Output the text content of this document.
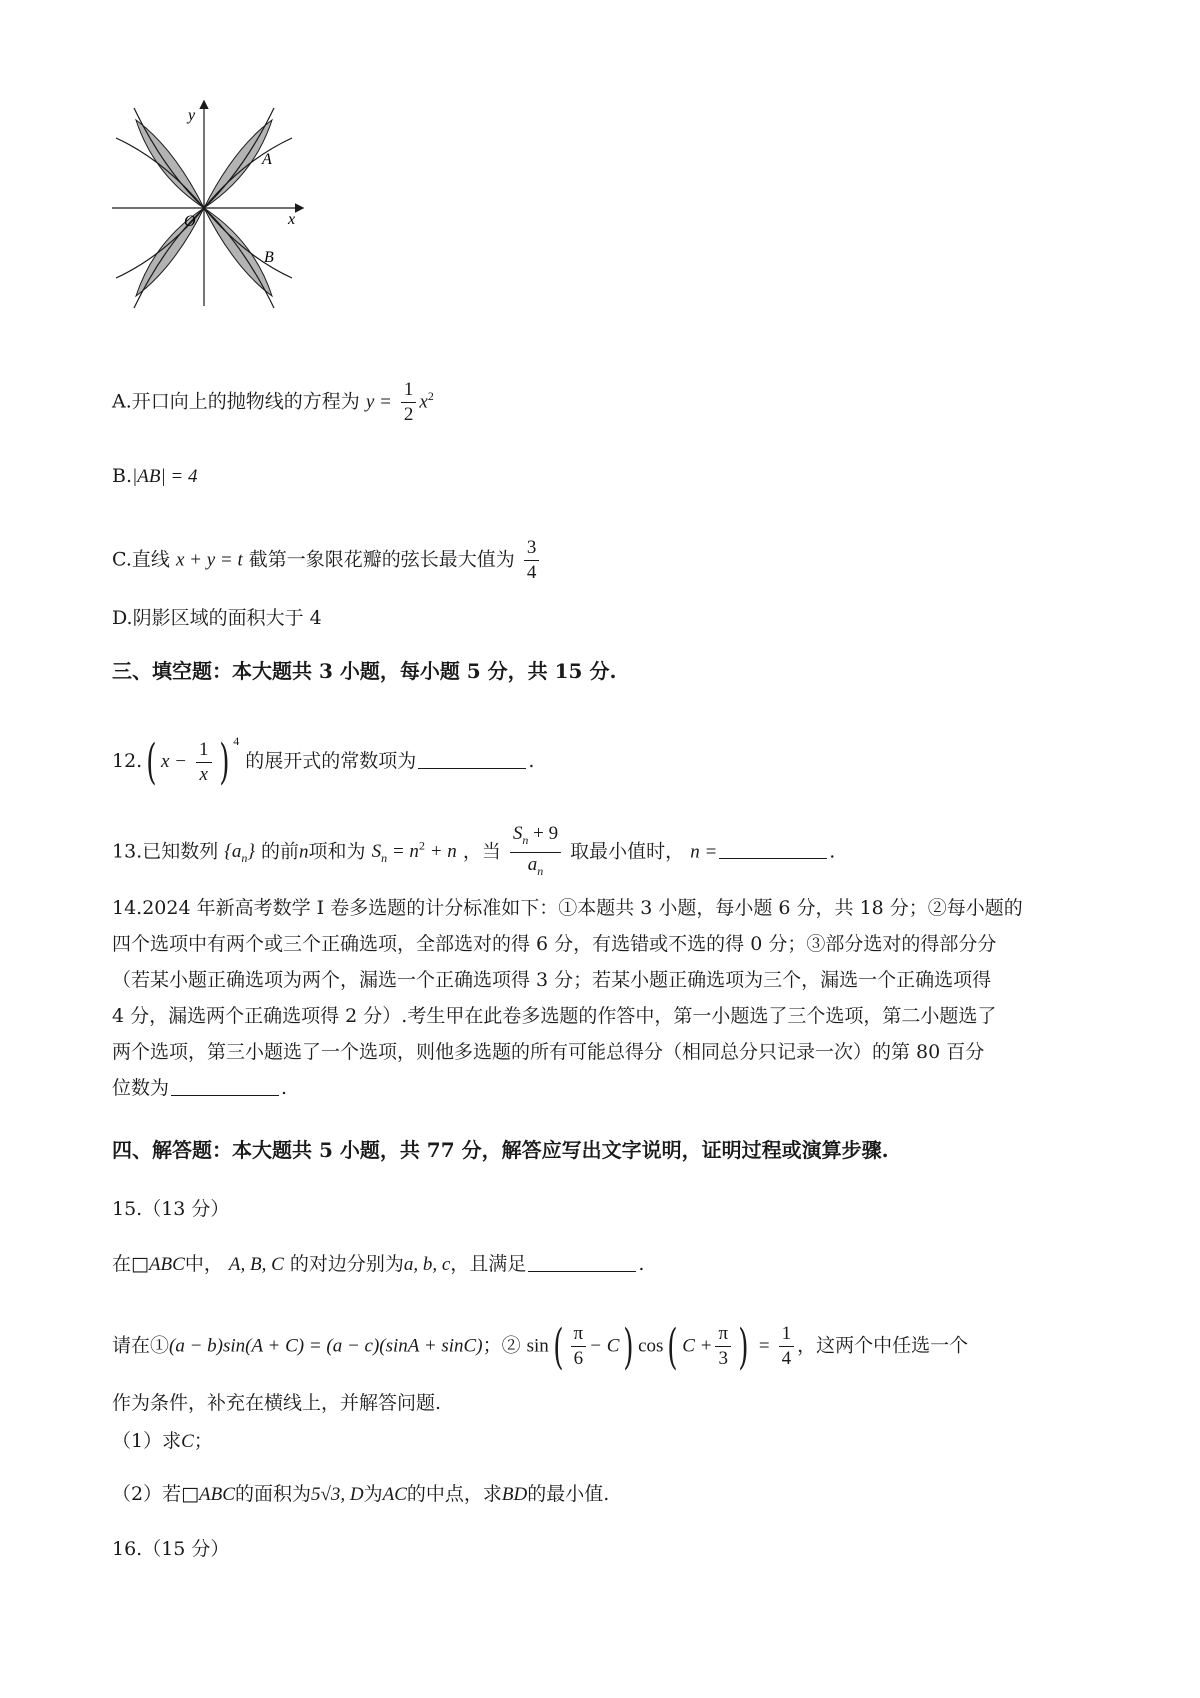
y
x
O
A
B
A.开口向上的抛物线的方程为 $y = \frac{1}{2} x^2$
B.|AB| = 4
C.直线 x + y = t 截第一象限花瓣的弦长最大值为 $\frac{3}{4}$
D.阴影区域的面积大于 4
三、填空题：本大题共 3 小题，每小题 5 分，共 15 分.
12.( $x - \frac{1}{x}$ ) $^4$ 的展开式的常数项为	.
13.已知数列 $\{a_n\}$ 的前n项和为 $S_n = n^2 + n$ ，当 $\frac{S_n + 9}{a_n}$ 取最小值时， n =	.
14.2024 年新高考数学 I 卷多选题的计分标准如下：①本题共 3 小题，每小题 6 分，共 18 分；②每小题的
四个选项中有两个或三个正确选项，全部选对的得 6 分，有选错或不选的得 0 分；③部分选对的得部分分
（若某小题正确选项为两个，漏选一个正确选项得 3 分；若某小题正确选项为三个，漏选一个正确选项得
4 分，漏选两个正确选项得 2 分）.考生甲在此卷多选题的作答中，第一小题选了三个选项，第二小题选了
两个选项，第三小题选了一个选项，则他多选题的所有可能总得分（相同总分只记录一次）的第 80 百分
位数为	.
四、解答题：本大题共 5 小题，共 77 分，解答应写出文字说明，证明过程或演算步骤.
15.（13 分）
在□ABC中， A, B, C 的对边分别为a, b, c，且满足	.
请在①(a − b)sin(A + C) = (a − c)(sinA + sinC)；② $\sin( \frac{\pi}{6} - C)$ cos( $C + \frac{\pi}{3}$ ) = $\frac{1}{4}$ ，这两个中任选一个
作为条件，补充在横线上，并解答问题.
（1）求C；
（2）若□ABC的面积为5√3, D为AC的中点，求BD的最小值.
16.（15 分）
